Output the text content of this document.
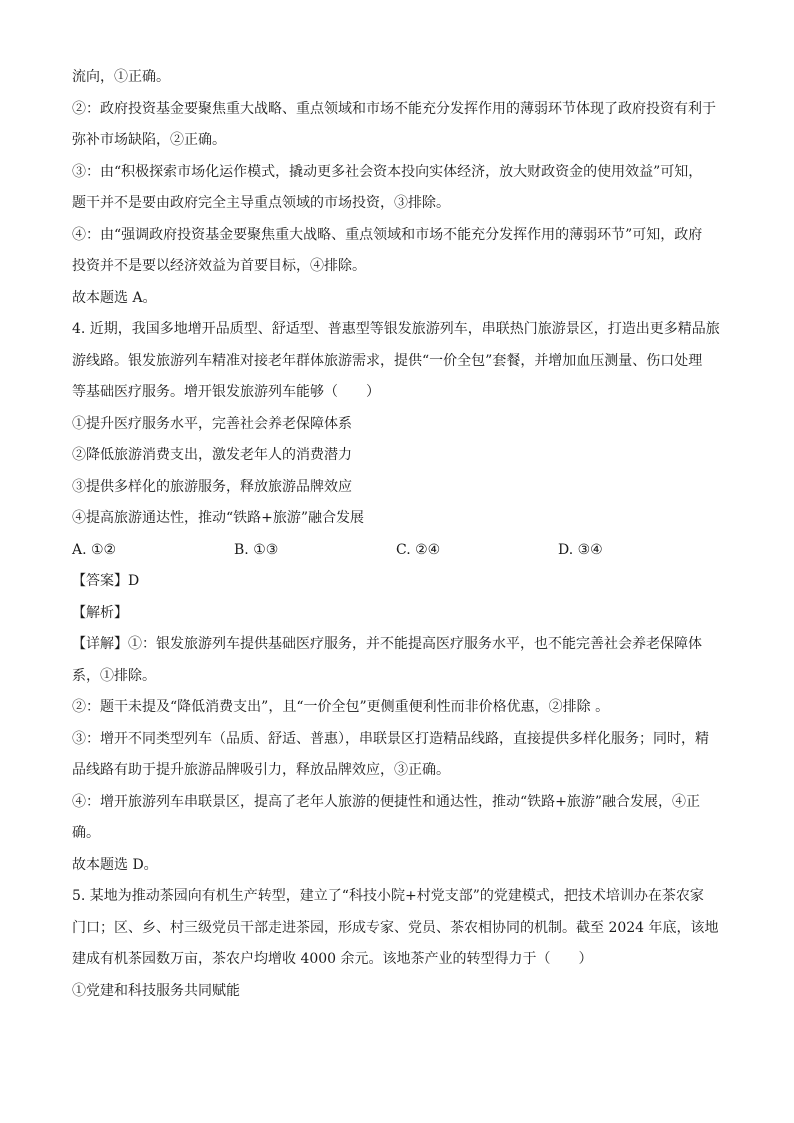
流向，①正确。

②：政府投资基金要聚焦重大战略、重点领域和市场不能充分发挥作用的薄弱环节体现了政府投资有利于

弥补市场缺陷，②正确。

③：由“积极探索市场化运作模式，撬动更多社会资本投向实体经济，放大财政资金的使用效益”可知，

题干并不是要由政府完全主导重点领域的市场投资，③排除。

④：由“强调政府投资基金要聚焦重大战略、重点领域和市场不能充分发挥作用的薄弱环节”可知，政府

投资并不是要以经济效益为首要目标，④排除。

故本题选 A。

4. 近期，我国多地增开品质型、舒适型、普惠型等银发旅游列车，串联热门旅游景区，打造出更多精品旅

游线路。银发旅游列车精准对接老年群体旅游需求，提供“一价全包”套餐，并增加血压测量、伤口处理

等基础医疗服务。增开银发旅游列车能够（　　）

①提升医疗服务水平，完善社会养老保障体系

②降低旅游消费支出，激发老年人的消费潜力

③提供多样化的旅游服务，释放旅游品牌效应

④提高旅游通达性，推动“铁路+旅游”融合发展

A. ①②	B. ①③	C. ②④	D. ③④

【答案】D

【解析】

【详解】①：银发旅游列车提供基础医疗服务，并不能提高医疗服务水平，也不能完善社会养老保障体

系，①排除。

②：题干未提及“降低消费支出”，且“一价全包”更侧重便利性而非价格优惠，②排除 。

③：增开不同类型列车（品质、舒适、普惠），串联景区打造精品线路，直接提供多样化服务；同时，精

品线路有助于提升旅游品牌吸引力，释放品牌效应，③正确。

④：增开旅游列车串联景区，提高了老年人旅游的便捷性和通达性，推动“铁路+旅游”融合发展，④正

确。

故本题选 D。

5. 某地为推动茶园向有机生产转型，建立了“科技小院+村党支部”的党建模式，把技术培训办在茶农家

门口；区、乡、村三级党员干部走进茶园，形成专家、党员、茶农相协同的机制。截至 2024 年底，该地

建成有机茶园数万亩，茶农户均增收 4000 余元。该地茶产业的转型得力于（　　）

①党建和科技服务共同赋能
